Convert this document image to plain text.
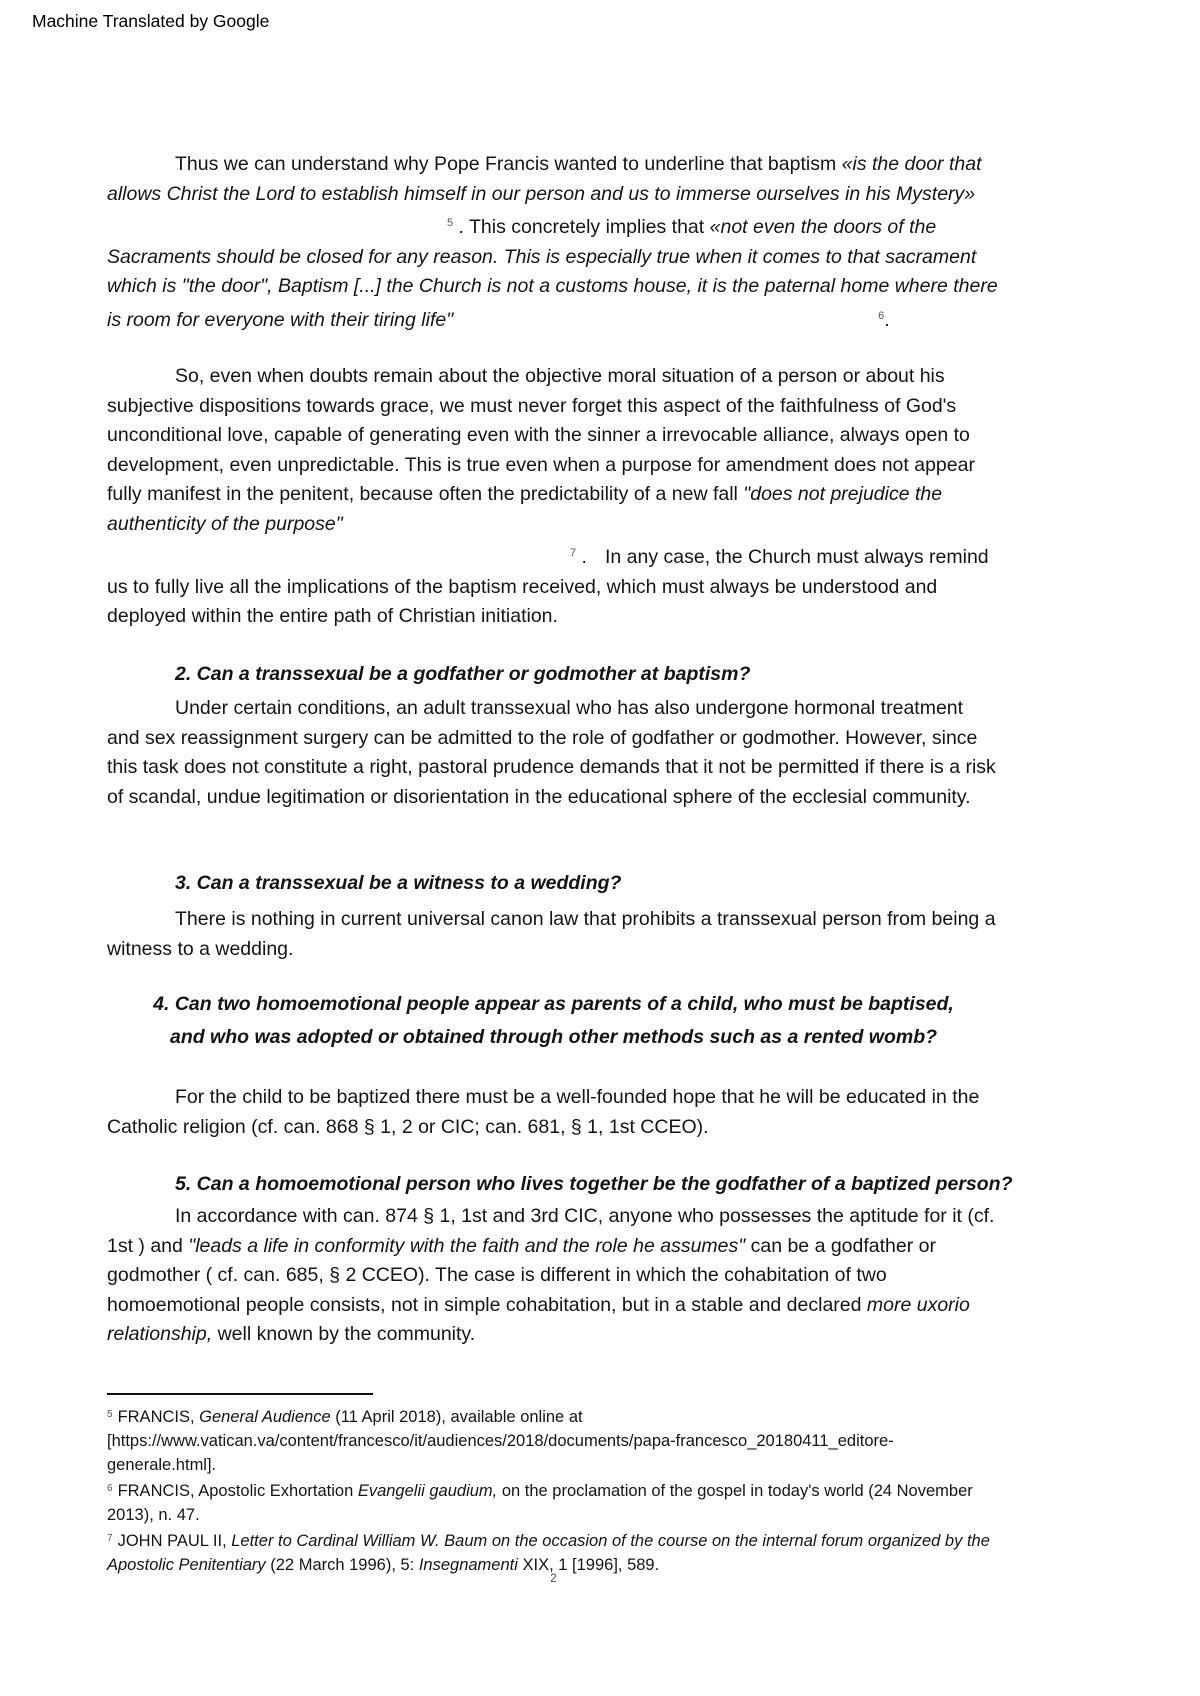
Machine Translated by Google

Thus we can understand why Pope Francis wanted to underline that baptism «is the door that allows Christ the Lord to establish himself in our person and us to immerse ourselves in his Mystery»
$^5$ . This concretely implies that «not even the doors of the Sacraments should be closed for any reason. This is especially true when it comes to that sacrament which is "the door", Baptism [...] the Church is not a customs house, it is the paternal home where there is room for everyone with their tiring life"	$^6$.

So, even when doubts remain about the objective moral situation of a person or about his subjective dispositions towards grace, we must never forget this aspect of the faithfulness of God's unconditional love, capable of generating even with the sinner a irrevocable alliance, always open to development, even unpredictable. This is true even when a purpose for amendment does not appear fully manifest in the penitent, because often the predictability of a new fall "does not prejudice the authenticity of the purpose"
$^7$ . In any case, the Church must always remind us to fully live all the implications of the baptism received, which must always be understood and deployed within the entire path of Christian initiation.

2. Can a transsexual be a godfather or godmother at baptism?

Under certain conditions, an adult transsexual who has also undergone hormonal treatment and sex reassignment surgery can be admitted to the role of godfather or godmother. However, since this task does not constitute a right, pastoral prudence demands that it not be permitted if there is a risk of scandal, undue legitimation or disorientation in the educational sphere of the ecclesial community.

3. Can a transsexual be a witness to a wedding?

There is nothing in current universal canon law that prohibits a transsexual person from being a witness to a wedding.

4. Can two homoemotional people appear as parents of a child, who must be baptised,
and who was adopted or obtained through other methods such as a rented womb?

For the child to be baptized there must be a well-founded hope that he will be educated in the Catholic religion (cf. can. 868 § 1, 2 or CIC; can. 681, § 1, 1st CCEO).

5. Can a homoemotional person who lives together be the godfather of a baptized person?

In accordance with can. 874 § 1, 1st and 3rd CIC, anyone who possesses the aptitude for it (cf. 1st ) and "leads a life in conformity with the faith and the role he assumes" can be a godfather or godmother ( cf. can. 685, § 2 CCEO). The case is different in which the cohabitation of two homoemotional people consists, not in simple cohabitation, but in a stable and declared more uxorio relationship, well known by the community.

$^5$ FRANCIS, General Audience (11 April 2018), available online at [https://www.vatican.va/content/francesco/it/audiences/2018/documents/papa-francesco_20180411_editore-generale.html].

$^6$ FRANCIS, Apostolic Exhortation Evangelii gaudium, on the proclamation of the gospel in today's world (24 November 2013), n. 47.

$^7$ JOHN PAUL II, Letter to Cardinal William W. Baum on the occasion of the course on the internal forum organized by the Apostolic Penitentiary (22 March 1996), 5: Insegnamenti XIX, 1 [1996], 589.

2
